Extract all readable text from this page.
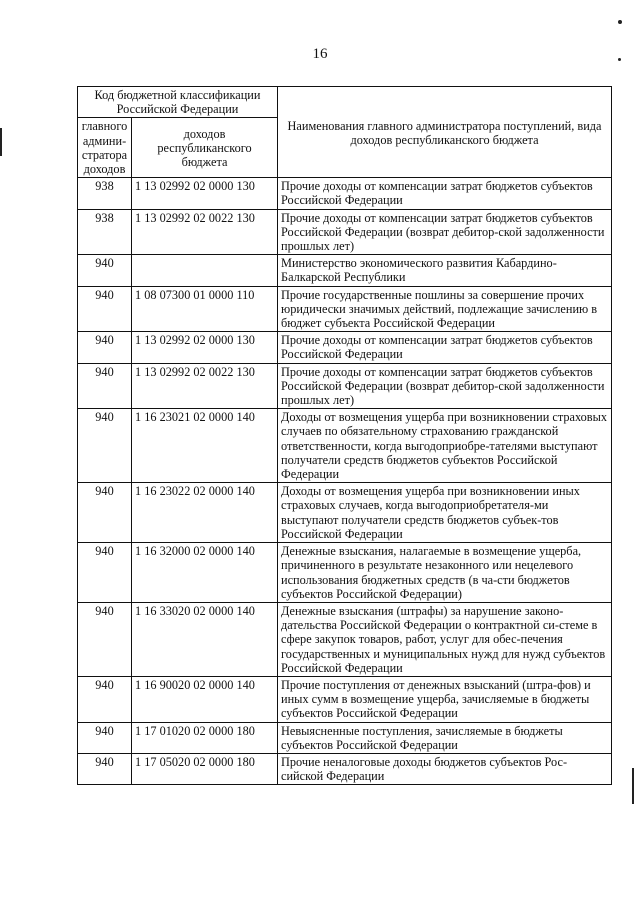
16
Код бюджетной классификации Российской Федерации		Наименования главного администратора поступлений, вида доходов республиканского бюджета
главного админи-стратора доходов	доходов республиканского бюджета	
938	1 13 02992 02 0000 130	Прочие доходы от компенсации затрат бюджетов субъектов Российской Федерации
938	1 13 02992 02 0022 130	Прочие доходы от компенсации затрат бюджетов субъектов Российской Федерации (возврат дебитор-ской задолженности прошлых лет)
940		Министерство экономического развития Кабардино-Балкарской Республики
940	1 08 07300 01 0000 110	Прочие государственные пошлины за совершение прочих юридически значимых действий, подлежащие зачислению в бюджет субъекта Российской Федерации
940	1 13 02992 02 0000 130	Прочие доходы от компенсации затрат бюджетов субъектов Российской Федерации
940	1 13 02992 02 0022 130	Прочие доходы от компенсации затрат бюджетов субъектов Российской Федерации (возврат дебитор-ской задолженности прошлых лет)
940	1 16 23021 02 0000 140	Доходы от возмещения ущерба при возникновении страховых случаев по обязательному страхованию гражданской ответственности, когда выгодоприобре-тателями выступают получатели средств бюджетов субъектов Российской Федерации
940	1 16 23022 02 0000 140	Доходы от возмещения ущерба при возникновении иных страховых случаев, когда выгодоприобретателя-ми выступают получатели средств бюджетов субъек-тов Российской Федерации
940	1 16 32000 02 0000 140	Денежные взыскания, налагаемые в возмещение ущерба, причиненного в результате незаконного или нецелевого использования бюджетных средств (в ча-сти бюджетов субъектов Российской Федерации)
940	1 16 33020 02 0000 140	Денежные взыскания (штрафы) за нарушение законо-дательства Российской Федерации о контрактной си-стеме в сфере закупок товаров, работ, услуг для обес-печения государственных и муниципальных нужд для нужд субъектов Российской Федерации
940	1 16 90020 02 0000 140	Прочие поступления от денежных взысканий (штра-фов) и иных сумм в возмещение ущерба, зачисляемые в бюджеты субъектов Российской Федерации
940	1 17 01020 02 0000 180	Невыясненные поступления, зачисляемые в бюджеты субъектов Российской Федерации
940	1 17 05020 02 0000 180	Прочие неналоговые доходы бюджетов субъектов Рос-сийской Федерации
